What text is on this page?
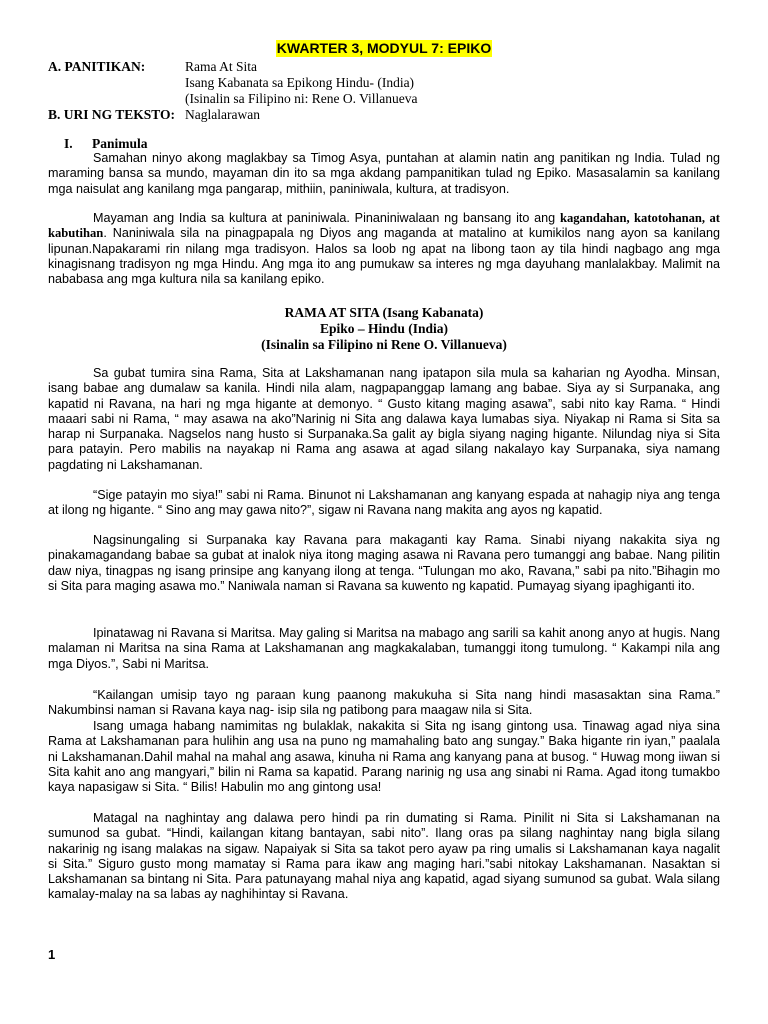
KWARTER 3, MODYUL 7: EPIKO
A. PANITIKAN:	Rama At Sita
Isang Kabanata sa Epikong Hindu- (India)
(Isinalin sa Filipino ni: Rene O. Villanueva
B. URI NG TEKSTO: Naglalarawan
I. Panimula

Samahan ninyo akong maglakbay sa Timog Asya, puntahan at alamin natin ang panitikan ng India. Tulad ng maraming bansa sa mundo, mayaman din ito sa mga akdang pampanitikan tulad ng Epiko. Masasalamin sa kanilang mga naisulat ang kanilang mga pangarap, mithiin, paniniwala, kultura, at tradisyon.

Mayaman ang India sa kultura at paniniwala. Pinaniniwalaan ng bansang ito ang kagandahan, katotohanan, at kabutihan. Naniniwala sila na pinagpapala ng Diyos ang maganda at matalino at kumikilos nang ayon sa kanilang lipunan.Napakarami rin nilang mga tradisyon. Halos sa loob ng apat na libong taon ay tila hindi nagbago ang mga kinagisnang tradisyon ng mga Hindu. Ang mga ito ang pumukaw sa interes ng mga dayuhang manlalakbay. Malimit na nababasa ang mga kultura nila sa kanilang epiko.

RAMA AT SITA (Isang Kabanata)
Epiko – Hindu (India)
(Isinalin sa Filipino ni Rene O. Villanueva)

Sa gubat tumira sina Rama, Sita at Lakshamanan nang ipatapon sila mula sa kaharian ng Ayodha. Minsan, isang babae ang dumalaw sa kanila. Hindi nila alam, nagpapanggap lamang ang babae. Siya ay si Surpanaka, ang kapatid ni Ravana, na hari ng mga higante at demonyo. “ Gusto kitang maging asawa”, sabi nito kay Rama. “ Hindi maaari sabi ni Rama, “ may asawa na ako”Narinig ni Sita ang dalawa kaya lumabas siya. Niyakap ni Rama si Sita sa harap ni Surpanaka. Nagselos nang husto si Surpanaka.Sa galit ay bigla siyang naging higante. Nilundag niya si Sita para patayin. Pero mabilis na nayakap ni Rama ang asawa at agad silang nakalayo kay Surpanaka, siya namang pagdating ni Lakshamanan.

“Sige patayin mo siya!” sabi ni Rama. Binunot ni Lakshamanan ang kanyang espada at nahagip niya ang tenga at ilong ng higante. “ Sino ang may gawa nito?”, sigaw ni Ravana nang makita ang ayos ng kapatid.

Nagsinungaling si Surpanaka kay Ravana para makaganti kay Rama. Sinabi niyang nakakita siya ng pinakamagandang babae sa gubat at inalok niya itong maging asawa ni Ravana pero tumanggi ang babae. Nang pilitin daw niya, tinagpas ng isang prinsipe ang kanyang ilong at tenga. “Tulungan mo ako, Ravana,” sabi pa nito.”Bihagin mo si Sita para maging asawa mo.” Naniwala naman si Ravana sa kuwento ng kapatid. Pumayag siyang ipaghiganti ito.

Ipinatawag ni Ravana si Maritsa. May galing si Maritsa na mabago ang sarili sa kahit anong anyo at hugis. Nang malaman ni Maritsa na sina Rama at Lakshamanan ang magkakalaban, tumanggi itong tumulong. “ Kakampi nila ang mga Diyos.”, Sabi ni Maritsa.

“Kailangan umisip tayo ng paraan kung paanong makukuha si Sita nang hindi masasaktan sina Rama.” Nakumbinsi naman si Ravana kaya nag- isip sila ng patibong para maagaw nila si Sita.

Isang umaga habang namimitas ng bulaklak, nakakita si Sita ng isang gintong usa. Tinawag agad niya sina Rama at Lakshamanan para hulihin ang usa na puno ng mamahaling bato ang sungay.” Baka higante rin iyan,” paalala ni Lakshamanan.Dahil mahal na mahal ang asawa, kinuha ni Rama ang kanyang pana at busog. “ Huwag mong iiwan si Sita kahit ano ang mangyari,” bilin ni Rama sa kapatid. Parang narinig ng usa ang sinabi ni Rama. Agad itong tumakbo kaya napasigaw si Sita. “ Bilis! Habulin mo ang gintong usa!

Matagal na naghintay ang dalawa pero hindi pa rin dumating si Rama. Pinilit ni Sita si Lakshamanan na sumunod sa gubat. “Hindi, kailangan kitang bantayan, sabi nito”. Ilang oras pa silang naghintay nang bigla silang nakarinig ng isang malakas na sigaw. Napaiyak si Sita sa takot pero ayaw pa ring umalis si Lakshamanan kaya nagalit si Sita.” Siguro gusto mong mamatay si Rama para ikaw ang maging hari.”sabi nitokay Lakshamanan. Nasaktan si Lakshamanan sa bintang ni Sita. Para patunayang mahal niya ang kapatid, agad siyang sumunod sa gubat. Wala silang kamalay-malay na sa labas ay naghihintay si Ravana.

1
